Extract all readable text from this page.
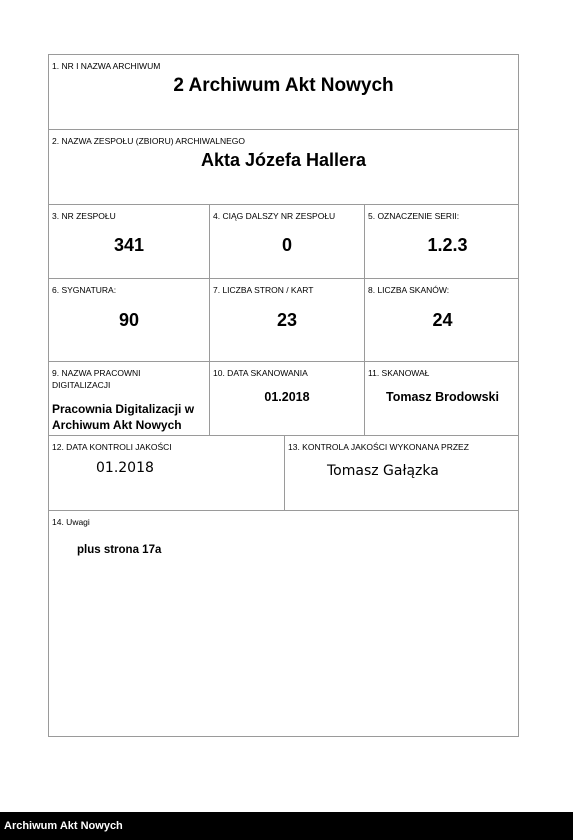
1. NR I NAZWA ARCHIWUM
2 Archiwum Akt Nowych
2. NAZWA ZESPOŁU (ZBIORU) ARCHIWALNEGO
Akta Józefa Hallera
3. NR ZESPOŁU
341
4. CIĄG DALSZY NR ZESPOŁU
0
5. OZNACZENIE SERII:
1.2.3
6. SYGNATURA:
90
7. LICZBA STRON / KART
23
8. LICZBA SKANÓW:
24
9. NAZWA PRACOWNI
DIGITALIZACJI
Pracownia Digitalizacji w
Archiwum Akt Nowych
10. DATA SKANOWANIA
01.2018
11. SKANOWAŁ
Tomasz Brodowski
12. DATA KONTROLI JAKOŚCI
01.2018
13. KONTROLA JAKOŚCI WYKONANA PRZEZ
Tomasz Gałązka
14. Uwagi
plus strona 17a
Archiwum Akt Nowych
